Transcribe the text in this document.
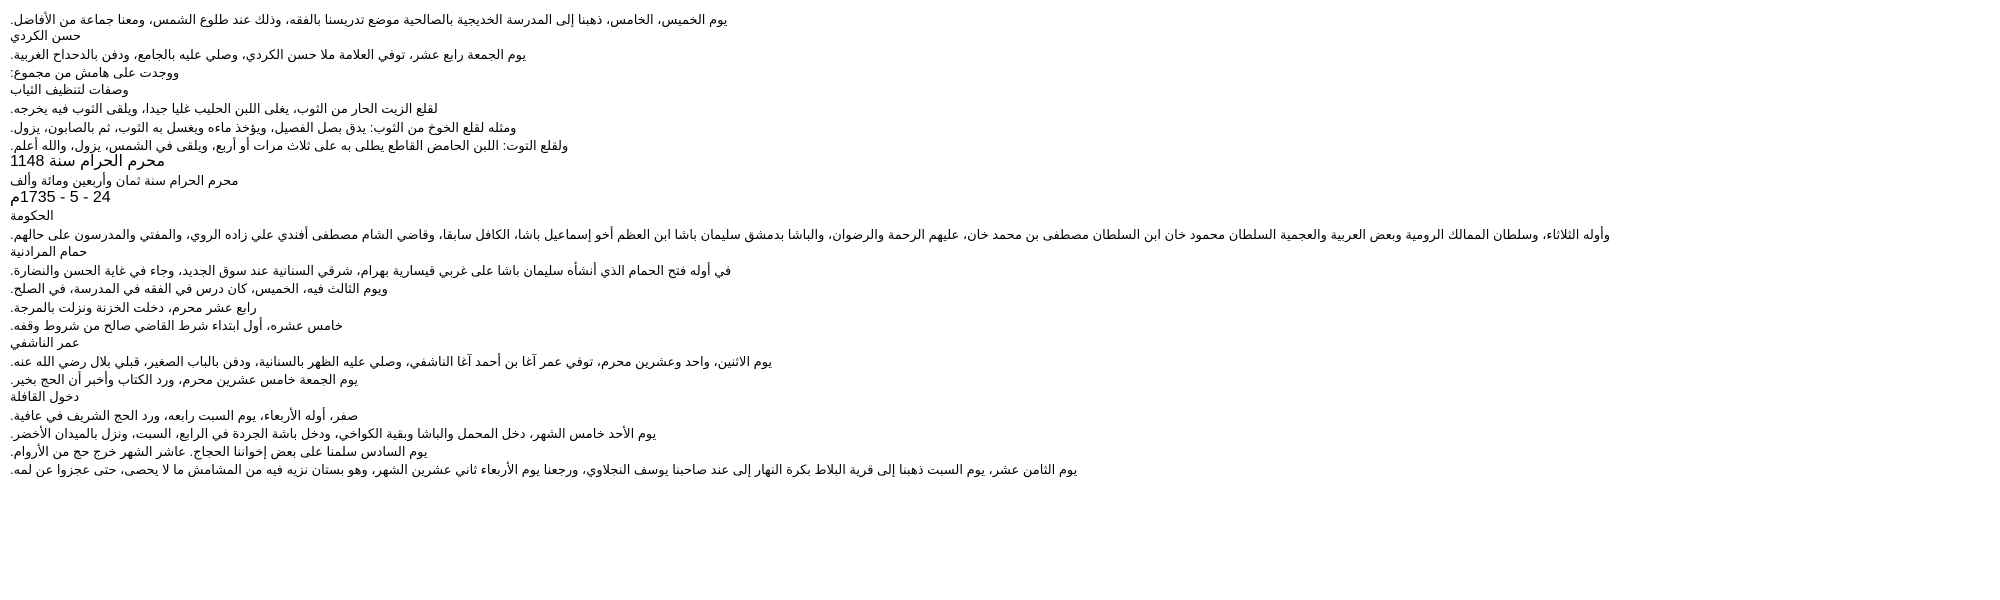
يوم الخميس، الخامس، ذهبنا إلى المدرسة الخديجية بالصالحية موضع تدريسنا بالفقه، وذلك عند طلوع الشمس، ومعنا جماعة من الأفاضل.
حسن الكردي
يوم الجمعة رابع عشر، توفي العلامة ملا حسن الكردي، وصلي عليه بالجامع، ودفن بالدحداح الغربية.
ووجدت على هامش من مجموع:
وصفات لتنظيف الثياب
لقلع الزيت الحار من الثوب، يغلى اللبن الحليب غليا جيدا، ويلقى الثوب فيه يخرجه.
ومثله لقلع الخوخ من الثوب: يدق بصل الفصيل، ويؤخذ ماءه ويغسل به الثوب، ثم بالصابون، يزول.
ولقلع التوت: اللبن الحامض القاطع يطلى به على ثلاث مرات أو أربع، ويلقى في الشمس، يزول، والله أعلم.
محرم الحرام سنة 1148
محرم الحرام سنة ثمان وأربعين ومائة وألف
24 - 5 - 1735م
الحكومة
وأوله الثلاثاء، وسلطان الممالك الرومية وبعض العربية والعجمية السلطان محمود خان ابن السلطان مصطفى بن محمد خان، عليهم الرحمة والرضوان، والباشا بدمشق سليمان باشا ابن العظم أخو إسماعيل باشا، الكافل سابقا، وقاضي الشام مصطفى أفندي علي زاده الروي، والمفتي والمدرسون على حالهم.
حمام المرادنية
في أوله فتح الحمام الذي أنشأه سليمان باشا على غربي قيسارية بهرام، شرقي السنانية عند سوق الجديد، وجاء في غاية الحسن والنضارة.
ويوم الثالث فيه، الخميس، كان درس في الفقه في المدرسة، في الصلح.
رابع عشر محرم، دخلت الخزنة ونزلت بالمرجة.
خامس عشره، أول ابتداء شرط القاضي صالح من شروط وقفه.
عمر الناشفي
يوم الاثنين، واحد وعشرين محرم، توفي عمر آغا بن أحمد آغا الناشفي، وصلي عليه الظهر بالسنانية، ودفن بالباب الصغير، قبلي بلال رضي الله عنه.
يوم الجمعة خامس عشرين محرم، ورد الكتاب وأخبر أن الحج بخير.
دخول القافلة
صفر، أوله الأربعاء، يوم السبت رابعه، ورد الحج الشريف في عافية.
يوم الأحد خامس الشهر، دخل المحمل والباشا وبقية الكواخي، ودخل باشة الجردة في الرابع، السبت، ونزل بالميدان الأخضر.
يوم السادس سلمنا على بعض إخواننا الحجاج. عاشر الشهر خرج حج من الأروام.
يوم الثامن عشر، يوم السبت ذهبنا إلى قرية البلاط بكرة النهار إلى عند صاحبنا يوسف النجلاوي، ورجعنا يوم الأربعاء ثاني عشرين الشهر، وهو بستان نزيه فيه من المشامش ما لا يحصى، حتى عجزوا عن لمه.
